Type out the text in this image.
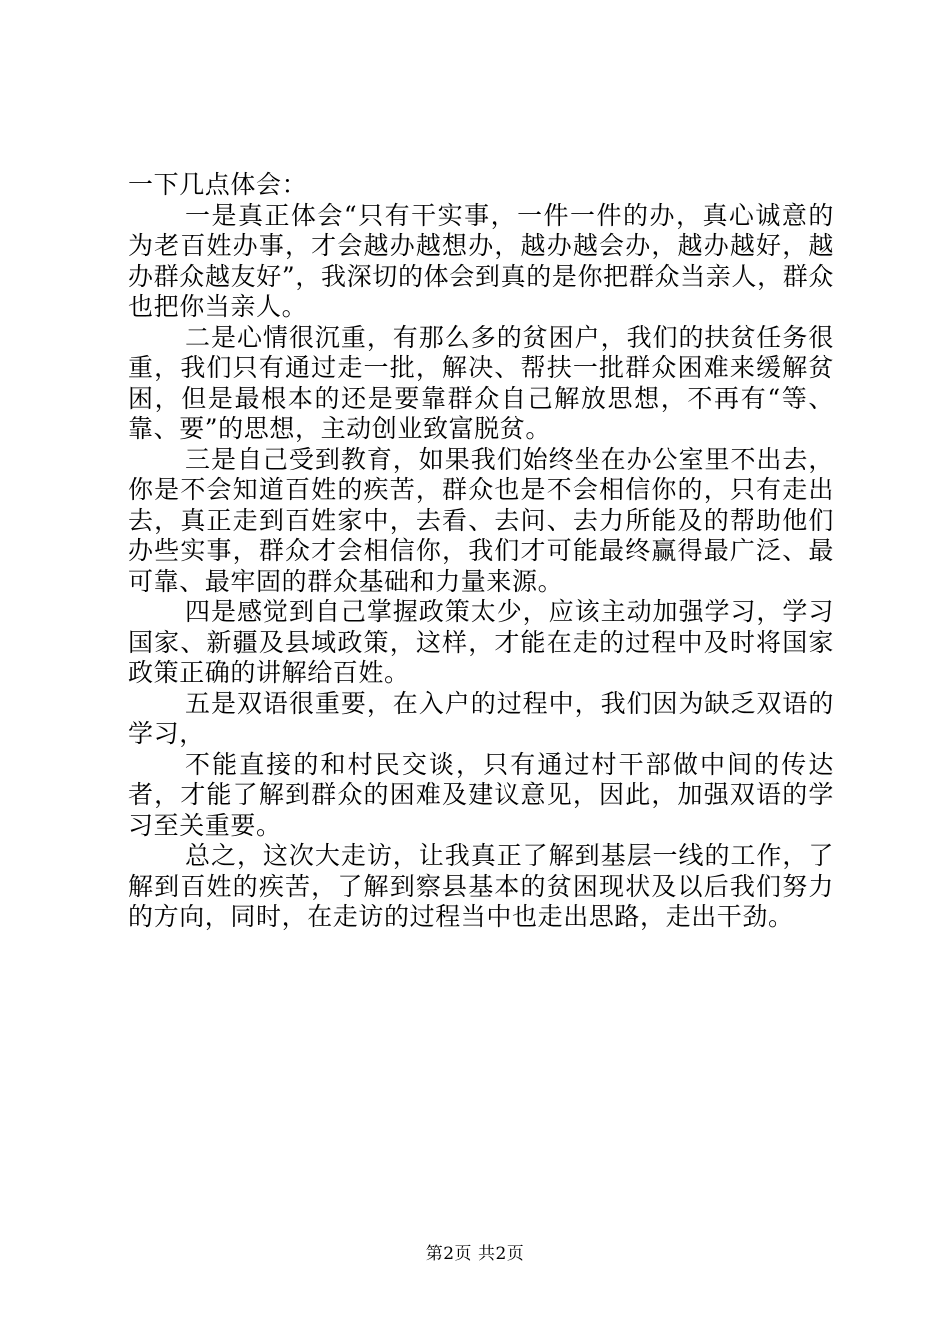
一下几点体会：

一是真正体会“只有干实事，一件一件的办，真心诚意的为老百姓办事，才会越办越想办，越办越会办，越办越好，越办群众越友好”，我深切的体会到真的是你把群众当亲人，群众也把你当亲人。

二是心情很沉重，有那么多的贫困户，我们的扶贫任务很重，我们只有通过走一批，解决、帮扶一批群众困难来缓解贫困，但是最根本的还是要靠群众自己解放思想，不再有“等、靠、要”的思想，主动创业致富脱贫。

三是自己受到教育，如果我们始终坐在办公室里不出去，你是不会知道百姓的疾苦，群众也是不会相信你的，只有走出去，真正走到百姓家中，去看、去问、去力所能及的帮助他们办些实事，群众才会相信你，我们才可能最终赢得最广泛、最可靠、最牢固的群众基础和力量来源。

四是感觉到自己掌握政策太少，应该主动加强学习，学习国家、新疆及县域政策，这样，才能在走的过程中及时将国家政策正确的讲解给百姓。

五是双语很重要，在入户的过程中，我们因为缺乏双语的学习，

不能直接的和村民交谈，只有通过村干部做中间的传达者，才能了解到群众的困难及建议意见，因此，加强双语的学习至关重要。

总之，这次大走访，让我真正了解到基层一线的工作，了解到百姓的疾苦，了解到察县基本的贫困现状及以后我们努力的方向，同时，在走访的过程当中也走出思路，走出干劲。

第2页 共2页
